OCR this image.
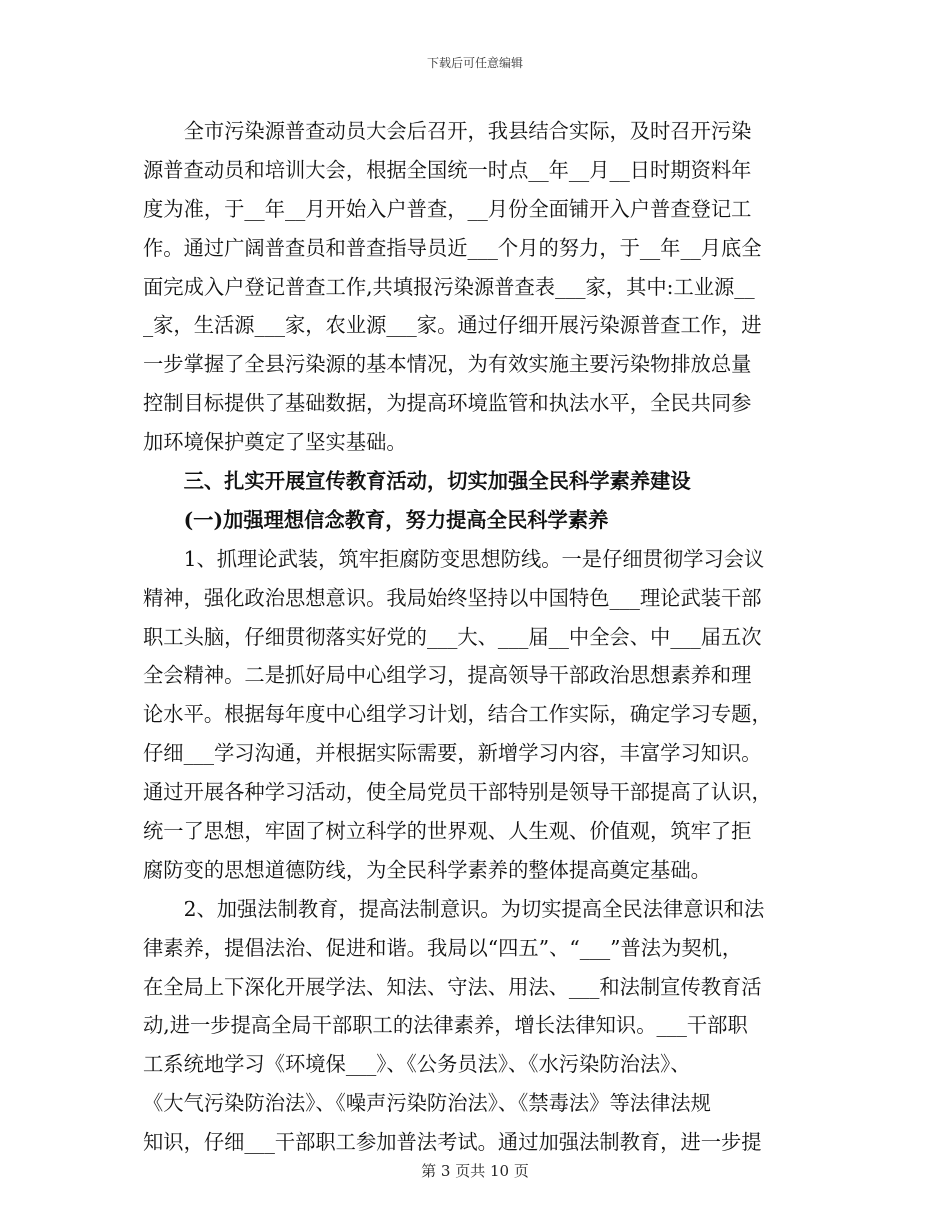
下载后可任意编辑
　　全市污染源普查动员大会后召开，我县结合实际，及时召开污染
源普查动员和培训大会，根据全国统一时点__年__月__日时期资料年
度为准，于__年__月开始入户普查，__月份全面铺开入户普查登记工
作。通过广阔普查员和普查指导员近___个月的努力，于__年__月底全
面完成入户登记普查工作,共填报污染源普查表___家，其中:工业源__
_家，生活源___家，农业源___家。通过仔细开展污染源普查工作，进
一步掌握了全县污染源的基本情况，为有效实施主要污染物排放总量
控制目标提供了基础数据，为提高环境监管和执法水平，全民共同参
加环境保护奠定了坚实基础。
　　三、扎实开展宣传教育活动，切实加强全民科学素养建设
　　(一)加强理想信念教育，努力提高全民科学素养
　　1、抓理论武装，筑牢拒腐防变思想防线。一是仔细贯彻学习会议
精神，强化政治思想意识。我局始终坚持以中国特色___理论武装干部
职工头脑，仔细贯彻落实好党的___大、___届__中全会、中___届五次
全会精神。二是抓好局中心组学习，提高领导干部政治思想素养和理
论水平。根据每年度中心组学习计划，结合工作实际，确定学习专题，
仔细___学习沟通，并根据实际需要，新增学习内容，丰富学习知识。
通过开展各种学习活动，使全局党员干部特别是领导干部提高了认识，
统一了思想，牢固了树立科学的世界观、人生观、价值观，筑牢了拒
腐防变的思想道德防线，为全民科学素养的整体提高奠定基础。
　　2、加强法制教育，提高法制意识。为切实提高全民法律意识和法
律素养，提倡法治、促进和谐。我局以“四五”、“___”普法为契机，
在全局上下深化开展学法、知法、守法、用法、___和法制宣传教育活
动,进一步提高全局干部职工的法律素养，增长法律知识。___干部职
工系统地学习《环境保___》、《公务员法》、《水污染防治法》、
《大气污染防治法》、《噪声污染防治法》、《禁毒法》等法律法规
知识，仔细___干部职工参加普法考试。通过加强法制教育，进一步提
第 3 页共 10 页
